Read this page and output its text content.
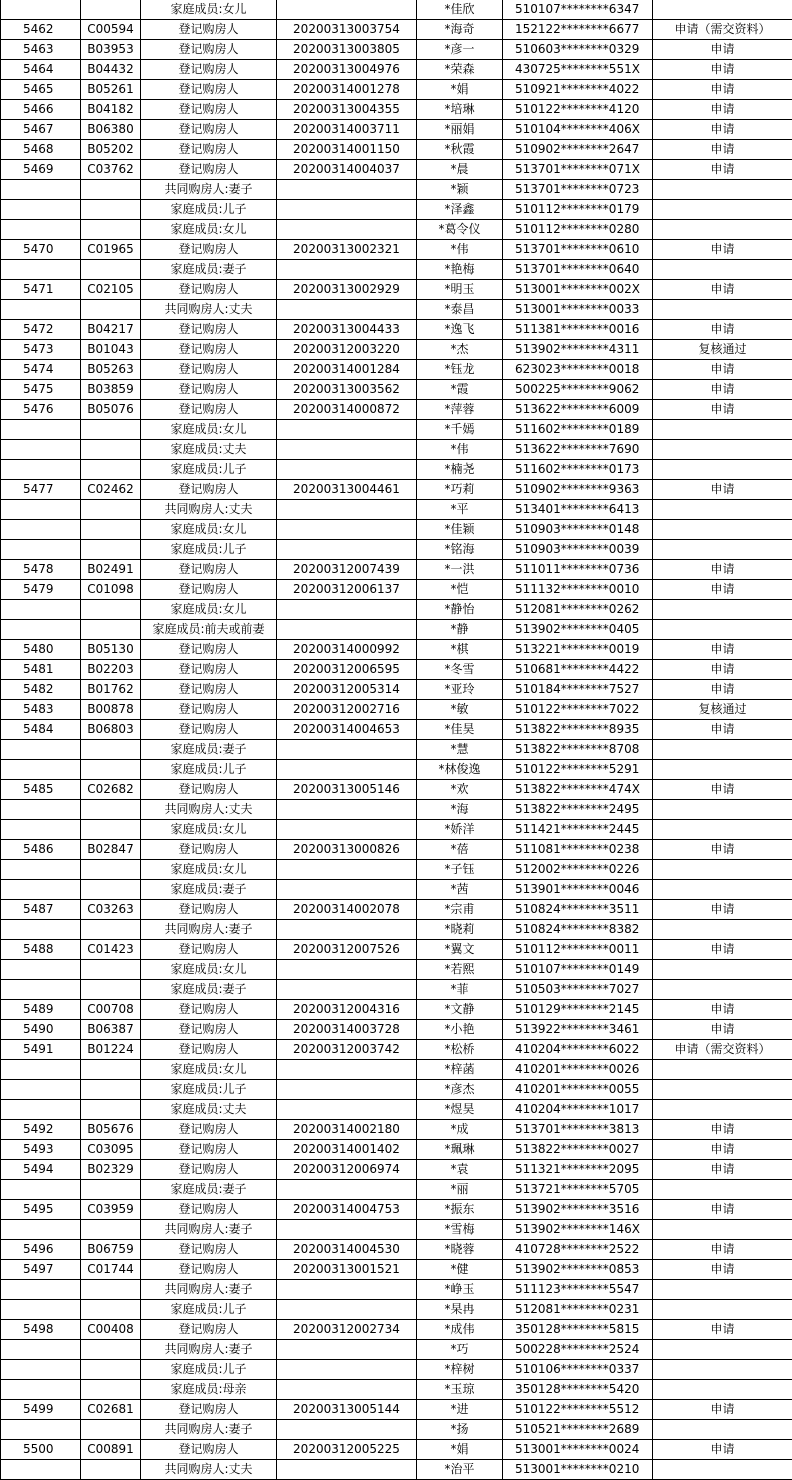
		家庭成员:女儿		*佳欣	510107********6347	
5462	C00594	登记购房人	20200313003754	*海奇	152122********6677	申请（需交资料）
5463	B03953	登记购房人	20200313003805	*彦一	510603********0329	申请
5464	B04432	登记购房人	20200313004976	*荣森	430725********551X	申请
5465	B05261	登记购房人	20200314001278	*娟	510921********4022	申请
5466	B04182	登记购房人	20200313004355	*培琳	510122********4120	申请
5467	B06380	登记购房人	20200314003711	*丽娟	510104********406X	申请
5468	B05202	登记购房人	20200314001150	*秋霞	510902********2647	申请
5469	C03762	登记购房人	20200314004037	*晨	513701********071X	申请
		共同购房人:妻子		*颖	513701********0723	
		家庭成员:儿子		*泽鑫	510112********0179	
		家庭成员:女儿		*葛令仪	510112********0280	
5470	C01965	登记购房人	20200313002321	*伟	513701********0610	申请
		家庭成员:妻子		*艳梅	513701********0640	
5471	C02105	登记购房人	20200313002929	*明玉	513001********002X	申请
		共同购房人:丈夫		*泰昌	513001********0033	
5472	B04217	登记购房人	20200313004433	*逸飞	511381********0016	申请
5473	B01043	登记购房人	20200312003220	*杰	513902********4311	复核通过
5474	B05263	登记购房人	20200314001284	*钰龙	623023********0018	申请
5475	B03859	登记购房人	20200313003562	*霞	500225********9062	申请
5476	B05076	登记购房人	20200314000872	*萍蓉	513622********6009	申请
		家庭成员:女儿		*千嫣	511602********0189	
		家庭成员:丈夫		*伟	513622********7690	
		家庭成员:儿子		*楠尧	511602********0173	
5477	C02462	登记购房人	20200313004461	*巧莉	510902********9363	申请
		共同购房人:丈夫		*平	513401********6413	
		家庭成员:女儿		*佳颖	510903********0148	
		家庭成员:儿子		*铭海	510903********0039	
5478	B02491	登记购房人	20200312007439	*一洪	511011********0736	申请
5479	C01098	登记购房人	20200312006137	*恺	511132********0010	申请
		家庭成员:女儿		*静怡	512081********0262	
		家庭成员:前夫或前妻		*静	513902********0405	
5480	B05130	登记购房人	20200314000992	*棋	513221********0019	申请
5481	B02203	登记购房人	20200312006595	*冬雪	510681********4422	申请
5482	B01762	登记购房人	20200312005314	*亚玲	510184********7527	申请
5483	B00878	登记购房人	20200312002716	*敏	510122********7022	复核通过
5484	B06803	登记购房人	20200314004653	*佳昊	513822********8935	申请
		家庭成员:妻子		*慧	513822********8708	
		家庭成员:儿子		*林俊逸	510122********5291	
5485	C02682	登记购房人	20200313005146	*欢	513822********474X	申请
		共同购房人:丈夫		*海	513822********2495	
		家庭成员:女儿		*娇洋	511421********2445	
5486	B02847	登记购房人	20200313000826	*蓓	511081********0238	申请
		家庭成员:女儿		*子钰	512002********0226	
		家庭成员:妻子		*茜	513901********0046	
5487	C03263	登记购房人	20200314002078	*宗甫	510824********3511	申请
		共同购房人:妻子		*晓莉	510824********8382	
5488	C01423	登记购房人	20200312007526	*翼文	510112********0011	申请
		家庭成员:女儿		*若熙	510107********0149	
		家庭成员:妻子		*菲	510503********7027	
5489	C00708	登记购房人	20200312004316	*文静	510129********2145	申请
5490	B06387	登记购房人	20200314003728	*小艳	513922********3461	申请
5491	B01224	登记购房人	20200312003742	*松桥	410204********6022	申请（需交资料）
		家庭成员:女儿		*梓菡	410201********0026	
		家庭成员:儿子		*彦杰	410201********0055	
		家庭成员:丈夫		*煜昊	410204********1017	
5492	B05676	登记购房人	20200314002180	*成	513701********3813	申请
5493	C03095	登记购房人	20200314001402	*珮琳	513822********0027	申请
5494	B02329	登记购房人	20200312006974	*袁	511321********2095	申请
		家庭成员:妻子		*丽	513721********5705	
5495	C03959	登记购房人	20200314004753	*振东	513902********3516	申请
		共同购房人:妻子		*雪梅	513902********146X	
5496	B06759	登记购房人	20200314004530	*晓蓉	410728********2522	申请
5497	C01744	登记购房人	20200313001521	*健	513902********0853	申请
		共同购房人:妻子		*峥玉	511123********5547	
		家庭成员:儿子		*杲冉	512081********0231	
5498	C00408	登记购房人	20200312002734	*成伟	350128********5815	申请
		共同购房人:妻子		*巧	500228********2524	
		家庭成员:儿子		*梓树	510106********0337	
		家庭成员:母亲		*玉琼	350128********5420	
5499	C02681	登记购房人	20200313005144	*进	510122********5512	申请
		共同购房人:妻子		*扬	510521********2689	
5500	C00891	登记购房人	20200312005225	*娟	513001********0024	申请
		共同购房人:丈夫		*治平	513001********0210	
